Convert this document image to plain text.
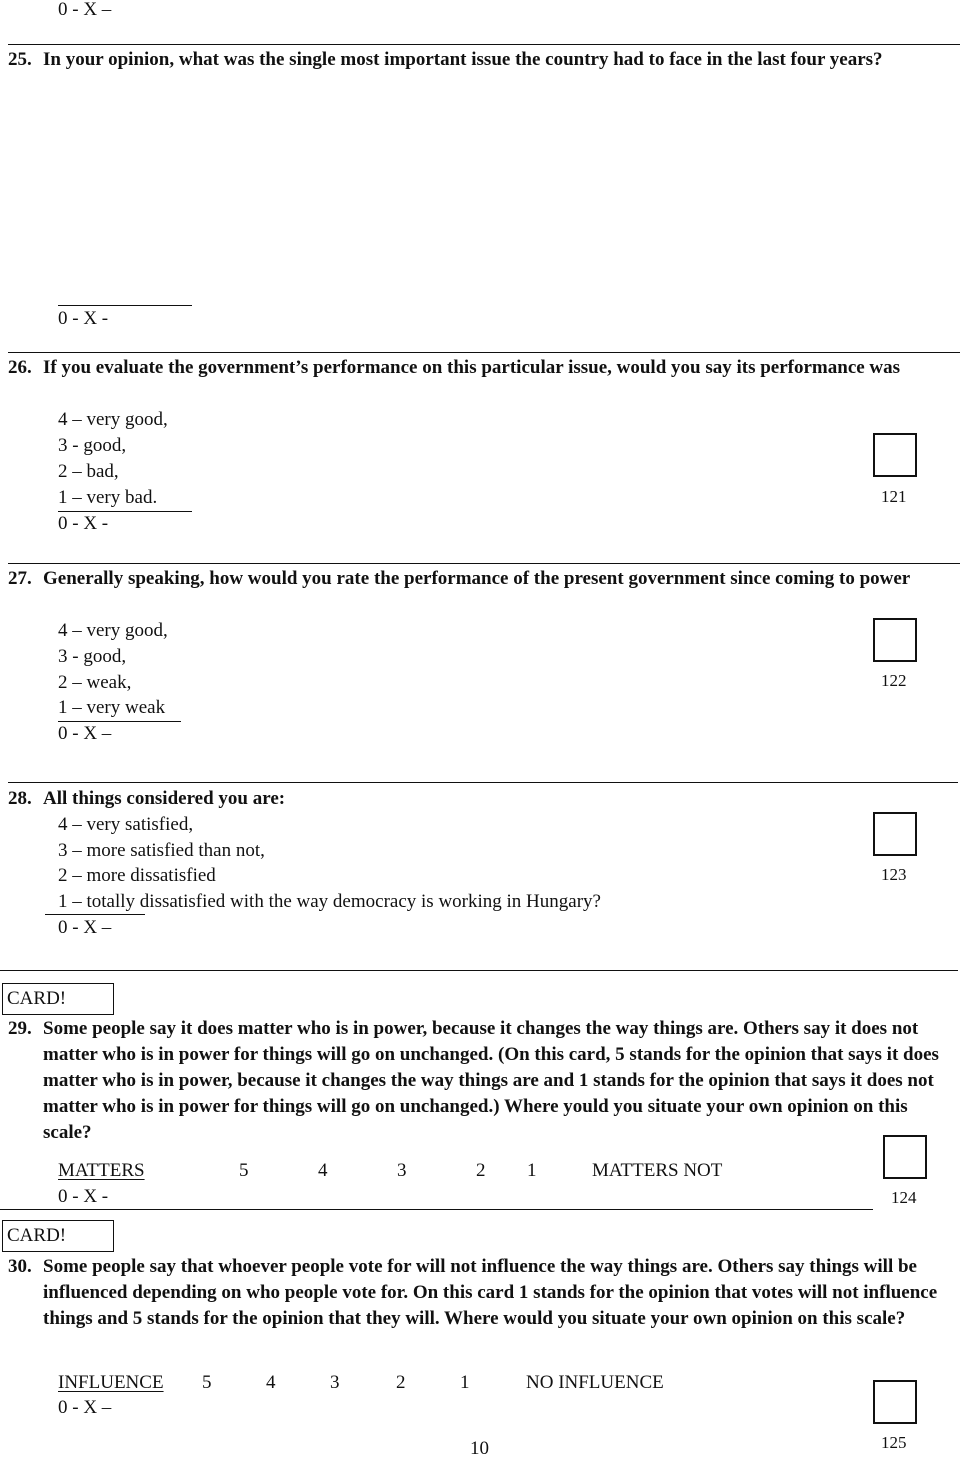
0 - X –
25. In your opinion, what was the single most important issue the country had to face in the last four years?
0 - X -
26. If you evaluate the government’s performance on this particular issue, would you say its performance was
4 – very good,
3 - good,
2 – bad,
1 – very bad.
0 - X -
121
27. Generally speaking, how would you rate the performance of the present government since coming to power
4 – very good,
3 - good,
2 – weak,
1 – very weak
0 - X –
122
28. All things considered you are:
4 – very satisfied,
3 – more satisfied than not,
2 – more dissatisfied
1 – totally dissatisfied with the way democracy is working in Hungary?
0 - X –
123
CARD!
29. Some people say it does matter who is in power, because it changes the way things are. Others say it does not matter who is in power for things will go on unchanged. (On this card, 5 stands for the opinion that says it does matter who is in power, because it changes the way things are and 1 stands for the opinion that says it does not matter who is in power for things will go on unchanged.) Where yould you situate your own opinion on this scale?
MATTERS	5	4	3	2 1	MATTERS NOT
0 - X -	124
CARD!
30. Some people say that whoever people vote for will not influence the way things are. Others say things will be influenced depending on who people vote for. On this card 1 stands for the opinion that votes will not influence things and 5 stands for the opinion that they will. Where would you situate your own opinion on this scale?
INFLUENCE 5	4	3	2	1	NO INFLUENCE
0 - X –
125
10
